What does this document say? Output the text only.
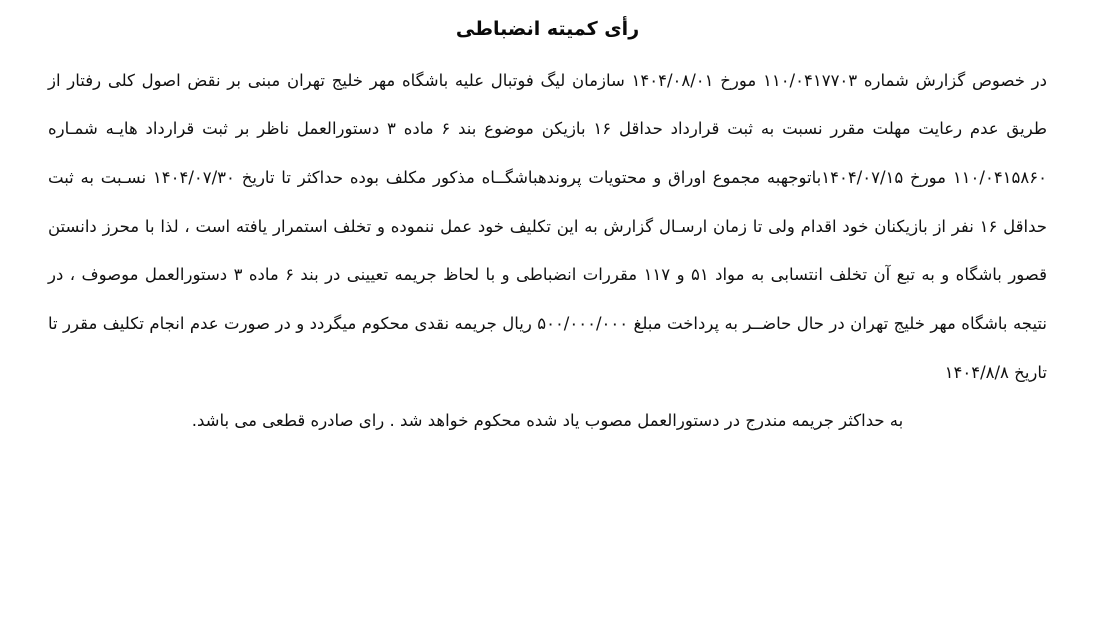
رأی کمیته انضباطی

در خصوص گزارش شماره ۱۱۰/۰۴۱۷۷۰۳ مورخ ۱۴۰۴/۰۸/۰۱ سازمان لیگ فوتبال علیه باشگاه مهر خلیج تهران مبنی بر نقض اصول کلی رفتار از طریق عدم رعایت مهلت مقرر نسبت به ثبت قرارداد حداقل ۱۶ بازیکن موضوع بند ۶ ماده ۳ دستورالعمل ناظر بر ثبت قرارداد هایـه شمـاره ۱۱۰/۰۴۱۵۸۶۰ مورخ ۱۴۰۴/۰۷/۱۵باتوجهبه مجموع اوراق و محتویات پروندهباشگــاه مذکور مکلف بوده حداکثر تا تاریخ ۱۴۰۴/۰۷/۳۰ نسـبت به ثبت حداقل ۱۶ نفر از بازیکنان خود اقدام ولی تا زمان ارسـال گزارش به این تکلیف خود عمل ننموده و تخلف استمرار یافته است ، لذا با محرز دانستن قصور باشگاه و به تبع آن تخلف انتسابی به مواد ۵۱ و ۱۱۷ مقررات انضباطی و با لحاظ جریمه تعیینی در بند ۶ ماده ۳ دستورالعمل موصوف ، در نتیجه باشگاه مهر خلیج تهران در حال حاضــر به پرداخت مبلغ ۵۰۰/۰۰۰/۰۰۰ ریال جریمه نقدی محکوم میگردد و در صورت عدم انجام تکلیف مقرر تا تاریخ ۱۴۰۴/۸/۸

به حداکثر جریمه مندرج در دستورالعمل مصوب یاد شده محکوم خواهد شد . رای صادره قطعی می باشد.
